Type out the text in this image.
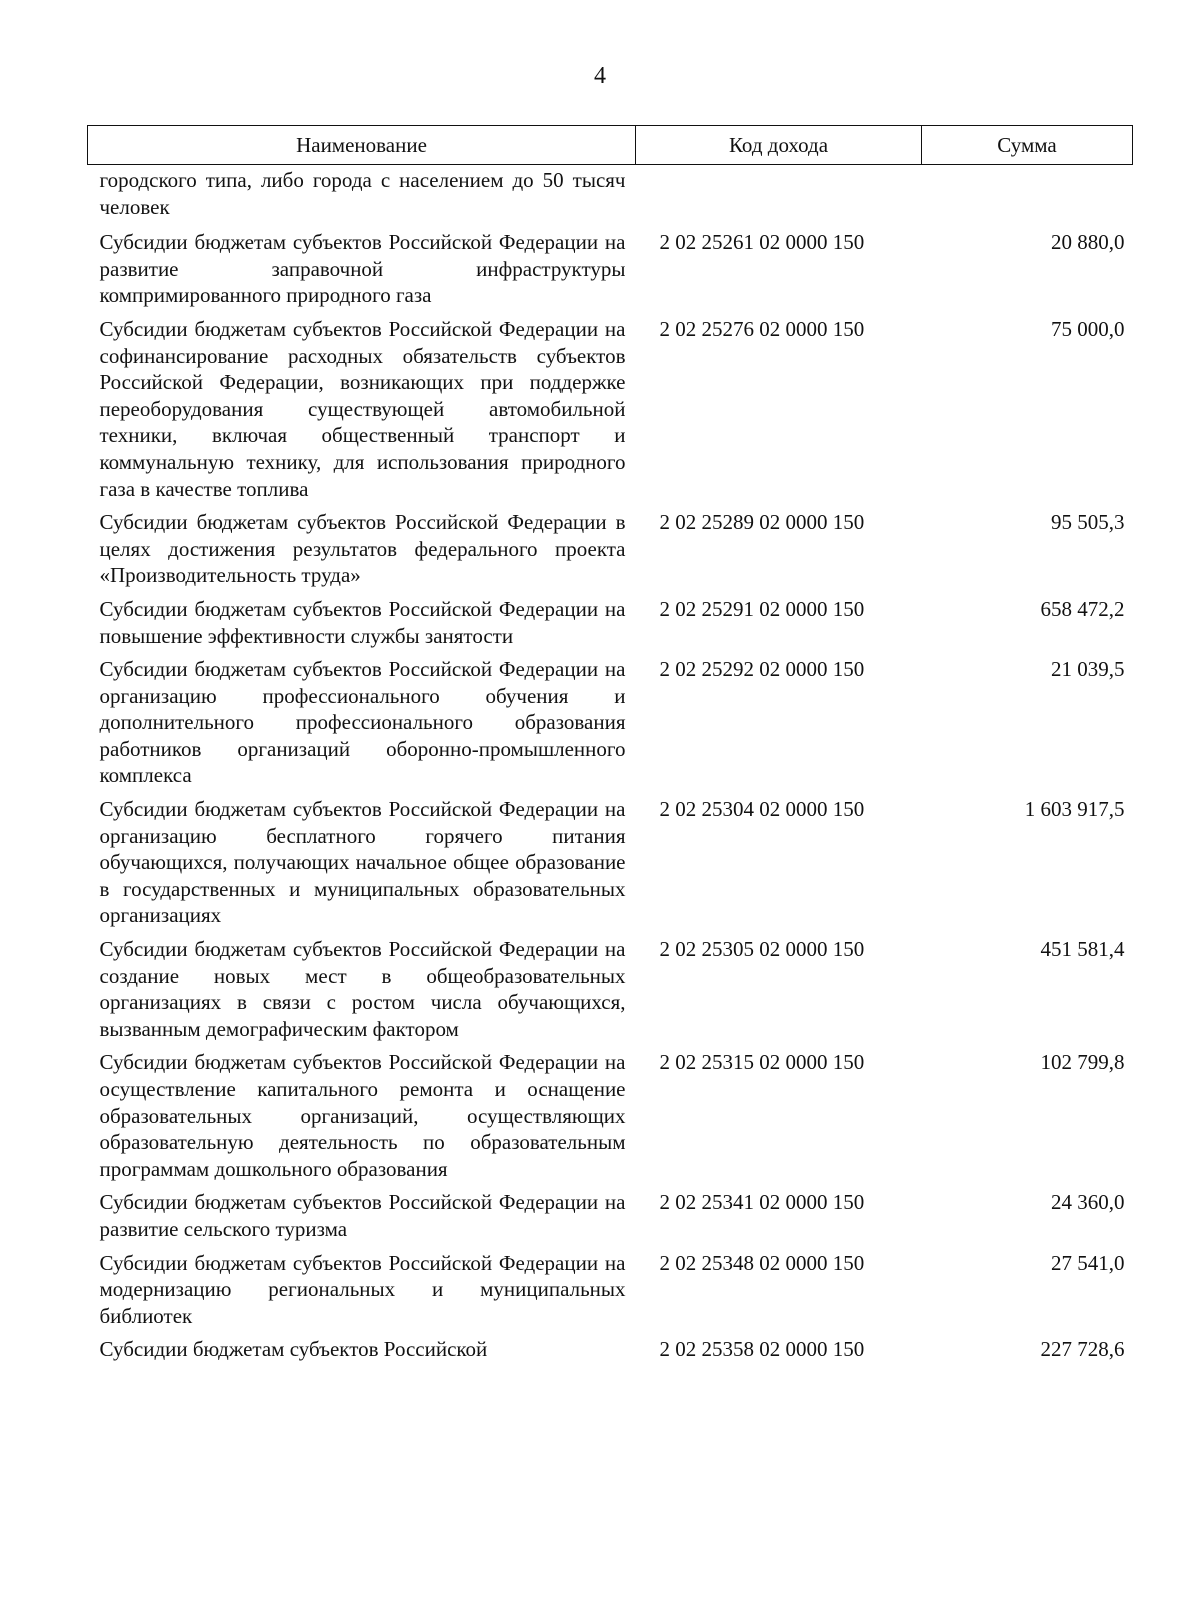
4
Наименование	Код дохода	Сумма
городского типа, либо города с населением до 50 тысяч человек		
Субсидии бюджетам субъектов Российской Федерации на развитие заправочной инфраструктуры компримированного природного газа	2 02 25261 02 0000 150	20 880,0
Субсидии бюджетам субъектов Российской Федерации на софинансирование расходных обязательств субъектов Российской Федерации, возникающих при поддержке переоборудования существующей автомобильной техники, включая общественный транспорт и коммунальную технику, для использования природного газа в качестве топлива	2 02 25276 02 0000 150	75 000,0
Субсидии бюджетам субъектов Российской Федерации в целях достижения результатов федерального проекта «Производительность труда»	2 02 25289 02 0000 150	95 505,3
Субсидии бюджетам субъектов Российской Федерации на повышение эффективности службы занятости	2 02 25291 02 0000 150	658 472,2
Субсидии бюджетам субъектов Российской Федерации на организацию профессионального обучения и дополнительного профессионального образования работников организаций оборонно-промышленного комплекса	2 02 25292 02 0000 150	21 039,5
Субсидии бюджетам субъектов Российской Федерации на организацию бесплатного горячего питания обучающихся, получающих начальное общее образование в государственных и муниципальных образовательных организациях	2 02 25304 02 0000 150	1 603 917,5
Субсидии бюджетам субъектов Российской Федерации на создание новых мест в общеобразовательных организациях в связи с ростом числа обучающихся, вызванным демографическим фактором	2 02 25305 02 0000 150	451 581,4
Субсидии бюджетам субъектов Российской Федерации на осуществление капитального ремонта и оснащение образовательных организаций, осуществляющих образовательную деятельность по образовательным программам дошкольного образования	2 02 25315 02 0000 150	102 799,8
Субсидии бюджетам субъектов Российской Федерации на развитие сельского туризма	2 02 25341 02 0000 150	24 360,0
Субсидии бюджетам субъектов Российской Федерации на модернизацию региональных и муниципальных библиотек	2 02 25348 02 0000 150	27 541,0
Субсидии бюджетам субъектов Российской	2 02 25358 02 0000 150	227 728,6
